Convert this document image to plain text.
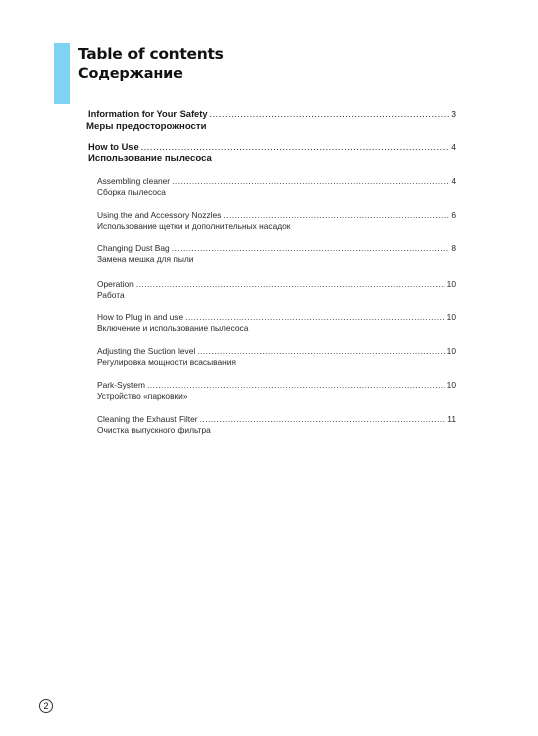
Table of contents
Содержание
Information for Your Safety .....	3
Меры предосторожности
How to Use .....	4
Использование пылесоса
Assembling cleaner .....	4
Сборка пылесоса
Using the and Accessory Nozzles .....	6
Использование щетки и дополнительных насадок
Changing Dust Bag .....	8
Замена мешка для пыли
Operation .....	10
Работа
How to Plug in and use .....	10
Включение и использование пылесоса
Adjusting the Suction level .....	10
Регулировка мощности всасывания
Park-System .....	10
Устройство «парковки»
Cleaning the Exhaust Filter .....	11
Очистка выпускного фильтра
2
